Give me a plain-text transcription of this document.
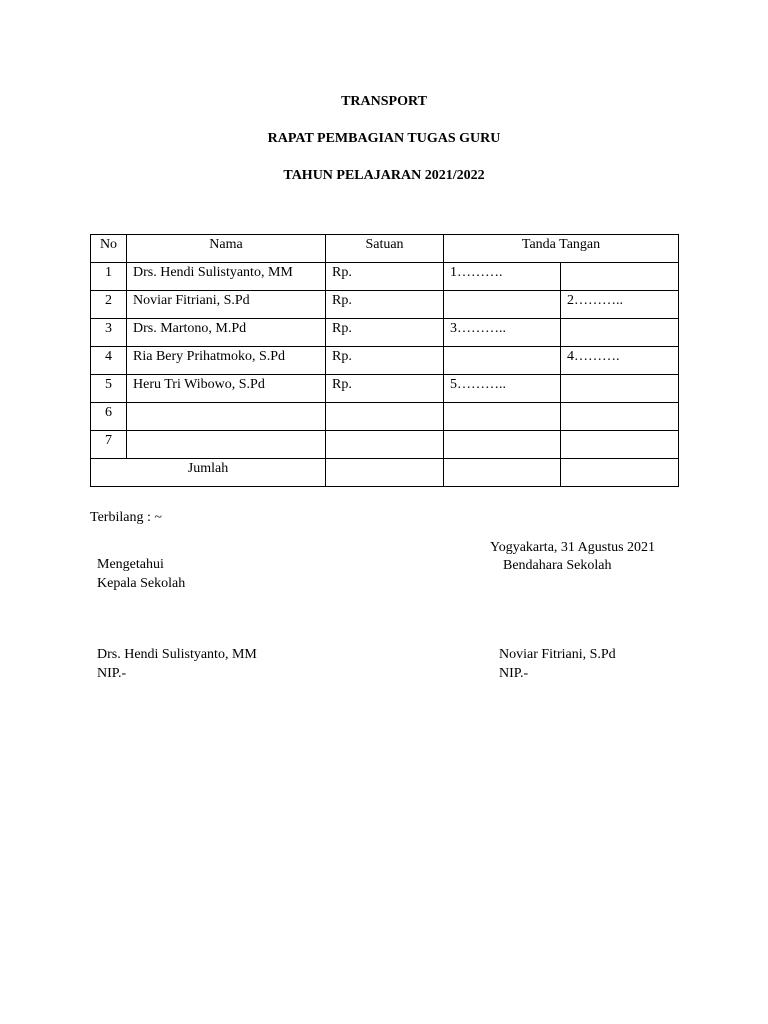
TRANSPORT
RAPAT PEMBAGIAN TUGAS GURU
TAHUN PELAJARAN 2021/2022
No	Nama	Satuan	Tanda Tangan	
1	Drs. Hendi Sulistyanto, MM	Rp.	1……….	
2	Noviar Fitriani, S.Pd	Rp.		2………..
3	Drs. Martono, M.Pd	Rp.	3………..	
4	Ria Bery Prihatmoko, S.Pd	Rp.		4……….
5	Heru Tri Wibowo, S.Pd	Rp.	5………..	
6				
7				
Jumlah				
Terbilang : ~
Yogyakarta, 31 Agustus 2021
Mengetahui
Kepala Sekolah
Bendahara Sekolah
Drs. Hendi Sulistyanto, MM
NIP.-
Noviar Fitriani, S.Pd
NIP.-
